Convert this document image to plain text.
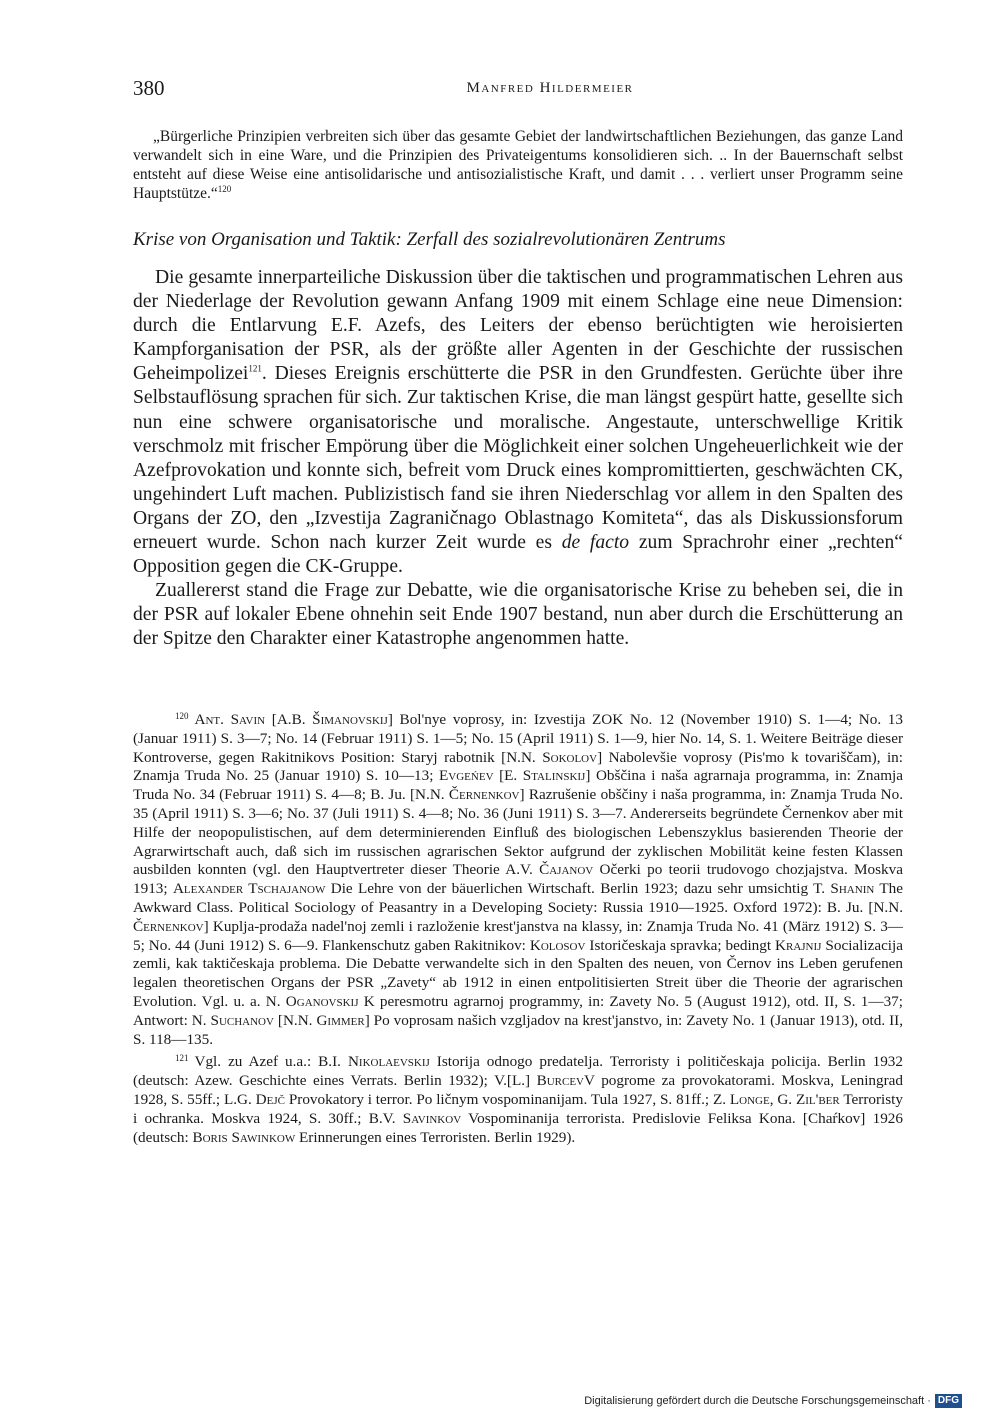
380	Manfred Hildermeier
„Bürgerliche Prinzipien verbreiten sich über das gesamte Gebiet der landwirtschaftlichen Beziehungen, das ganze Land verwandelt sich in eine Ware, und die Prinzipien des Privateigentums konsolidieren sich. .. In der Bauernschaft selbst entsteht auf diese Weise eine antisolidarische und antisozialistische Kraft, und damit . . . verliert unser Programm seine Hauptstütze.“$^{120}$
Krise von Organisation und Taktik: Zerfall des sozialrevolutionären Zentrums

Die gesamte innerparteiliche Diskussion über die taktischen und programmatischen Lehren aus der Niederlage der Revolution gewann Anfang 1909 mit einem Schlage eine neue Dimension: durch die Entlarvung E.F. Azefs, des Leiters der ebenso berüchtigten wie heroisierten Kampforganisation der PSR, als der größte aller Agenten in der Geschichte der russischen Geheimpolizei$^{121}$. Dieses Ereignis erschütterte die PSR in den Grundfesten. Gerüchte über ihre Selbstauflösung sprachen für sich. Zur taktischen Krise, die man längst gespürt hatte, gesellte sich nun eine schwere organisatorische und moralische. Angestaute, unterschwellige Kritik verschmolz mit frischer Empörung über die Möglichkeit einer solchen Ungeheuerlichkeit wie der Azefprovokation und konnte sich, befreit vom Druck eines kompromittierten, geschwächten CK, ungehindert Luft machen. Publizistisch fand sie ihren Niederschlag vor allem in den Spalten des Organs der ZO, den „Izvestija Zagraničnago Oblastnago Komiteta“, das als Diskussionsforum erneuert wurde. Schon nach kurzer Zeit wurde es de facto zum Sprachrohr einer „rechten“ Opposition gegen die CK-Gruppe.

Zuallererst stand die Frage zur Debatte, wie die organisatorische Krise zu beheben sei, die in der PSR auf lokaler Ebene ohnehin seit Ende 1907 bestand, nun aber durch die Erschütterung an der Spitze den Charakter einer Katastrophe angenommen hatte.

$^{120}$ Ant. Savin [A.B. Šimanovskij] Bol'nye voprosy, in: Izvestija ZOK No. 12 (November 1910) S. 1—4; No. 13 (Januar 1911) S. 3—7; No. 14 (Februar 1911) S. 1—5; No. 15 (April 1911) S. 1—9, hier No. 14, S. 1. Weitere Beiträge dieser Kontroverse, gegen Rakitnikovs Position: Staryj rabotnik [N.N. Sokolov] Nabolevšie voprosy (Pis'mo k tovariščam), in: Znamja Truda No. 25 (Januar 1910) S. 10—13; Evgeńev [E. Stalinskij] Obščina i naša agrarnaja programma, in: Znamja Truda No. 34 (Februar 1911) S. 4—8; B. Ju. [N.N. Černenkov] Razrušenie obščiny i naša programma, in: Znamja Truda No. 35 (April 1911) S. 3—6; No. 37 (Juli 1911) S. 4—8; No. 36 (Juni 1911) S. 3—7. Andererseits begründete Černenkov aber mit Hilfe der neopopulistischen, auf dem determinierenden Einfluß des biologischen Lebenszyklus basierenden Theorie der Agrarwirtschaft auch, daß sich im russischen agrarischen Sektor aufgrund der zyklischen Mobilität keine festen Klassen ausbilden konnten (vgl. den Hauptvertreter dieser Theorie A.V. Čajanov Očerki po teorii trudovogo chozjajstva. Moskva 1913; Alexander Tschajanow Die Lehre von der bäuerlichen Wirtschaft. Berlin 1923; dazu sehr umsichtig T. Shanin The Awkward Class. Political Sociology of Peasantry in a Developing Society: Russia 1910—1925. Oxford 1972): B. Ju. [N.N. Černenkov] Kuplja-prodaža nadel'noj zemli i razloženie krest'janstva na klassy, in: Znamja Truda No. 41 (März 1912) S. 3—5; No. 44 (Juni 1912) S. 6—9. Flankenschutz gaben Rakitnikov: Kolosov Istoričeskaja spravka; bedingt Krajnij Socializacija zemli, kak taktičeskaja problema. Die Debatte verwandelte sich in den Spalten des neuen, von Černov ins Leben gerufenen legalen theoretischen Organs der PSR „Zavety“ ab 1912 in einen entpolitisierten Streit über die Theorie der agrarischen Evolution. Vgl. u. a. N. Oganovskij K peresmotru agrarnoj programmy, in: Zavety No. 5 (August 1912), otd. II, S. 1—37; Antwort: N. Suchanov [N.N. Gimmer] Po voprosam našich vzgljadov na krest'janstvo, in: Zavety No. 1 (Januar 1913), otd. II, S. 118—135.

$^{121}$ Vgl. zu Azef u.a.: B.I. Nikolaevskij Istorija odnogo predatelja. Terroristy i političeskaja policija. Berlin 1932 (deutsch: Azew. Geschichte eines Verrats. Berlin 1932); V.[L.] BurcevV pogrome za provokatorami. Moskva, Leningrad 1928, S. 55ff.; L.G. Dejč Provokatory i terror. Po ličnym vospominanijam. Tula 1927, S. 81ff.; Z. Longe, G. Zil'ber Terroristy i ochranka. Moskva 1924, S. 30ff.; B.V. Savinkov Vospominanija terrorista. Predislovie Feliksa Kona. [Chaŕkov] 1926 (deutsch: Boris Sawinkow Erinnerungen eines Terroristen. Berlin 1929).

Digitalisierung gefördert durch die Deutsche Forschungsgemeinschaft · DFG
